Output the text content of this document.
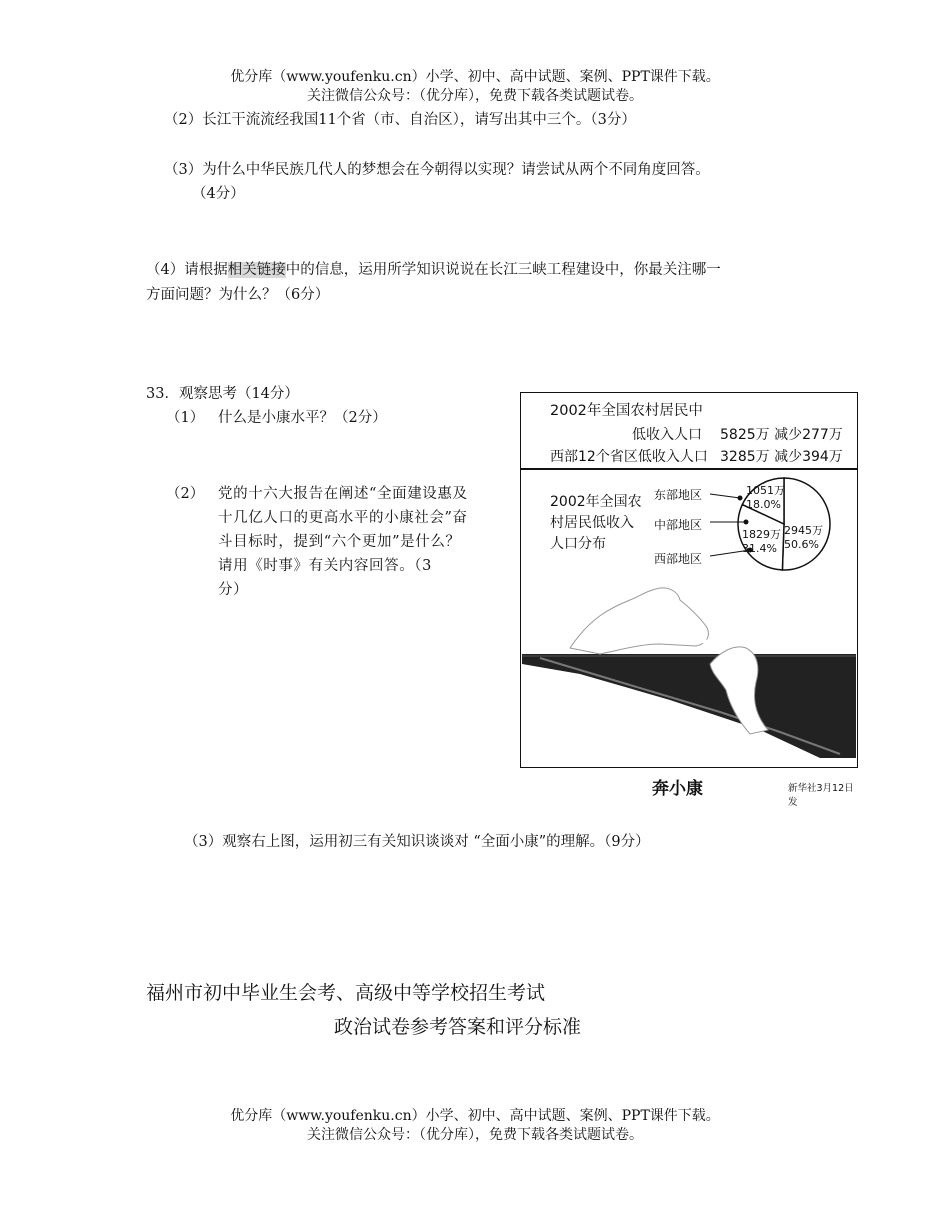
优分库（www.youfenku.cn）小学、初中、高中试题、案例、PPT课件下载。
关注微信公众号：（优分库），免费下载各类试题试卷。
（2）长江干流流经我国11个省（市、自治区），请写出其中三个。（3分）
（3）为什么中华民族几代人的梦想会在今朝得以实现？请尝试从两个不同角度回答。
（4分）
（4）请根据相关链接中的信息，运用所学知识说说在长江三峡工程建设中，你最关注哪一
方面问题？为什么？（6分）
33．观察思考（14分）
（1） 什么是小康水平？（2分）
（2） 党的十六大报告在阐述“全面建设惠及
十几亿人口的更高水平的小康社会”奋
斗目标时，提到“六个更加”是什么？
请用《时事》有关内容回答。（3
分）
2002年全国农村居民中
低收入人口 5825万 减少277万
西部12个省区低收入人口 3285万 减少394万
2002年全国农村居民低收入人口分布
东部地区
中部地区
西部地区
1051万
18.0%
1829万
31.4%
2945万
50.6%
奔小康	新华社3月12日发
（3）观察右上图，运用初三有关知识谈谈对 “全面小康”的理解。（9分）
福州市初中毕业生会考、高级中等学校招生考试
政治试卷参考答案和评分标准
优分库（www.youfenku.cn）小学、初中、高中试题、案例、PPT课件下载。
关注微信公众号：（优分库），免费下载各类试题试卷。
